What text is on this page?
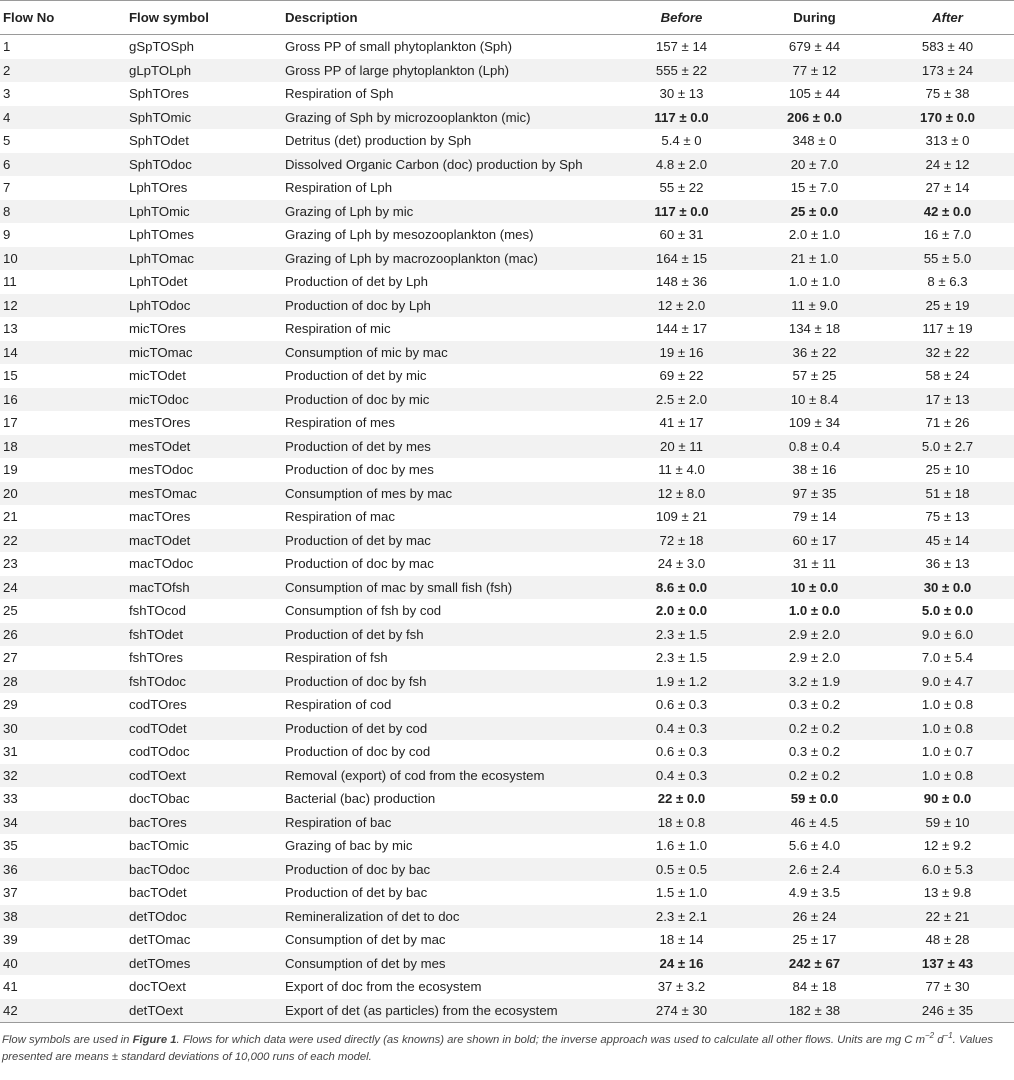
Flow No	Flow symbol	Description	Before	During	After
1	gSpTOSph	Gross PP of small phytoplankton (Sph)	157 ± 14	679 ± 44	583 ± 40
2	gLpTOLph	Gross PP of large phytoplankton (Lph)	555 ± 22	77 ± 12	173 ± 24
3	SphTOres	Respiration of Sph	30 ± 13	105 ± 44	75 ± 38
4	SphTOmic	Grazing of Sph by microzooplankton (mic)	117 ± 0.0	206 ± 0.0	170 ± 0.0
5	SphTOdet	Detritus (det) production by Sph	5.4 ± 0	348 ± 0	313 ± 0
6	SphTOdoc	Dissolved Organic Carbon (doc) production by Sph	4.8 ± 2.0	20 ± 7.0	24 ± 12
7	LphTOres	Respiration of Lph	55 ± 22	15 ± 7.0	27 ± 14
8	LphTOmic	Grazing of Lph by mic	117 ± 0.0	25 ± 0.0	42 ± 0.0
9	LphTOmes	Grazing of Lph by mesozooplankton (mes)	60 ± 31	2.0 ± 1.0	16 ± 7.0
10	LphTOmac	Grazing of Lph by macrozooplankton (mac)	164 ± 15	21 ± 1.0	55 ± 5.0
11	LphTOdet	Production of det by Lph	148 ± 36	1.0 ± 1.0	8 ± 6.3
12	LphTOdoc	Production of doc by Lph	12 ± 2.0	11 ± 9.0	25 ± 19
13	micTOres	Respiration of mic	144 ± 17	134 ± 18	117 ± 19
14	micTOmac	Consumption of mic by mac	19 ± 16	36 ± 22	32 ± 22
15	micTOdet	Production of det by mic	69 ± 22	57 ± 25	58 ± 24
16	micTOdoc	Production of doc by mic	2.5 ± 2.0	10 ± 8.4	17 ± 13
17	mesTOres	Respiration of mes	41 ± 17	109 ± 34	71 ± 26
18	mesTOdet	Production of det by mes	20 ± 11	0.8 ± 0.4	5.0 ± 2.7
19	mesTOdoc	Production of doc by mes	11 ± 4.0	38 ± 16	25 ± 10
20	mesTOmac	Consumption of mes by mac	12 ± 8.0	97 ± 35	51 ± 18
21	macTOres	Respiration of mac	109 ± 21	79 ± 14	75 ± 13
22	macTOdet	Production of det by mac	72 ± 18	60 ± 17	45 ± 14
23	macTOdoc	Production of doc by mac	24 ± 3.0	31 ± 11	36 ± 13
24	macTOfsh	Consumption of mac by small fish (fsh)	8.6 ± 0.0	10 ± 0.0	30 ± 0.0
25	fshTOcod	Consumption of fsh by cod	2.0 ± 0.0	1.0 ± 0.0	5.0 ± 0.0
26	fshTOdet	Production of det by fsh	2.3 ± 1.5	2.9 ± 2.0	9.0 ± 6.0
27	fshTOres	Respiration of fsh	2.3 ± 1.5	2.9 ± 2.0	7.0 ± 5.4
28	fshTOdoc	Production of doc by fsh	1.9 ± 1.2	3.2 ± 1.9	9.0 ± 4.7
29	codTOres	Respiration of cod	0.6 ± 0.3	0.3 ± 0.2	1.0 ± 0.8
30	codTOdet	Production of det by cod	0.4 ± 0.3	0.2 ± 0.2	1.0 ± 0.8
31	codTOdoc	Production of doc by cod	0.6 ± 0.3	0.3 ± 0.2	1.0 ± 0.7
32	codTOext	Removal (export) of cod from the ecosystem	0.4 ± 0.3	0.2 ± 0.2	1.0 ± 0.8
33	docTObac	Bacterial (bac) production	22 ± 0.0	59 ± 0.0	90 ± 0.0
34	bacTOres	Respiration of bac	18 ± 0.8	46 ± 4.5	59 ± 10
35	bacTOmic	Grazing of bac by mic	1.6 ± 1.0	5.6 ± 4.0	12 ± 9.2
36	bacTOdoc	Production of doc by bac	0.5 ± 0.5	2.6 ± 2.4	6.0 ± 5.3
37	bacTOdet	Production of det by bac	1.5 ± 1.0	4.9 ± 3.5	13 ± 9.8
38	detTOdoc	Remineralization of det to doc	2.3 ± 2.1	26 ± 24	22 ± 21
39	detTOmac	Consumption of det by mac	18 ± 14	25 ± 17	48 ± 28
40	detTOmes	Consumption of det by mes	24 ± 16	242 ± 67	137 ± 43
41	docTOext	Export of doc from the ecosystem	37 ± 3.2	84 ± 18	77 ± 30
42	detTOext	Export of det (as particles) from the ecosystem	274 ± 30	182 ± 38	246 ± 35
Flow symbols are used in Figure 1. Flows for which data were used directly (as knowns) are shown in bold; the inverse approach was used to calculate all other flows. Units are mg C $m^{-2}$ $d^{-1}$. Values presented are means ± standard deviations of 10,000 runs of each model.
